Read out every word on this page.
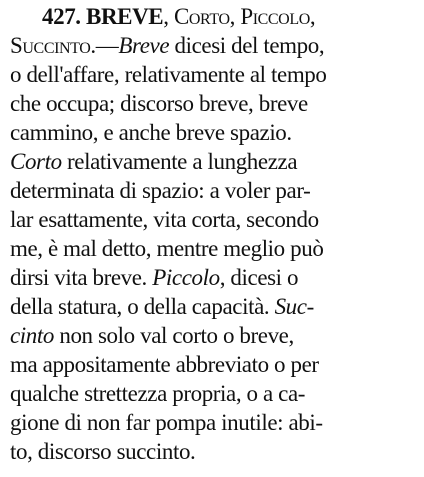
427. BREVE, Corto, Piccolo,
Succinto.—Breve dicesi del tempo,
o dell'affare, relativamente al tempo
che occupa; discorso breve, breve
cammino, e anche breve spazio.
Corto relativamente a lunghezza
determinata di spazio: a voler par-
lar esattamente, vita corta, secondo
me, è mal detto, mentre meglio può
dirsi vita breve. Piccolo, dicesi o
della statura, o della capacità. Suc-
cinto non solo val corto o breve,
ma appositamente abbreviato o per
qualche strettezza propria, o a ca-
gione di non far pompa inutile: abi-
to, discorso succinto.
